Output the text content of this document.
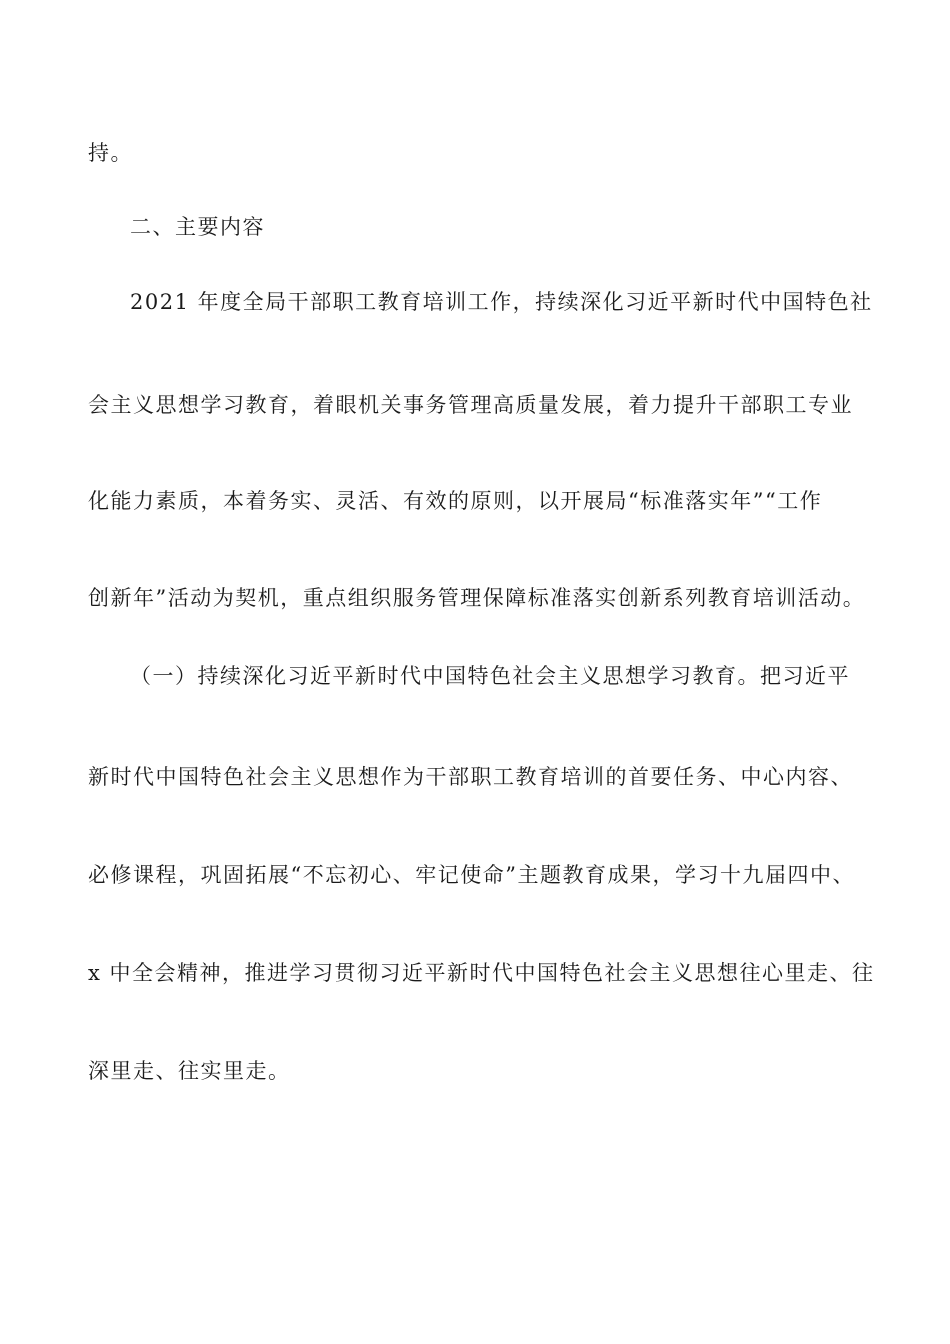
持。
二、主要内容
2021 年度全局干部职工教育培训工作，持续深化习近平新时代中国特色社
会主义思想学习教育，着眼机关事务管理高质量发展，着力提升干部职工专业
化能力素质，本着务实、灵活、有效的原则，以开展局“标准落实年”“工作
创新年”活动为契机，重点组织服务管理保障标准落实创新系列教育培训活动。
（一）持续深化习近平新时代中国特色社会主义思想学习教育。把习近平
新时代中国特色社会主义思想作为干部职工教育培训的首要任务、中心内容、
必修课程，巩固拓展“不忘初心、牢记使命”主题教育成果，学习十九届四中、
x 中全会精神，推进学习贯彻习近平新时代中国特色社会主义思想往心里走、往
深里走、往实里走。
